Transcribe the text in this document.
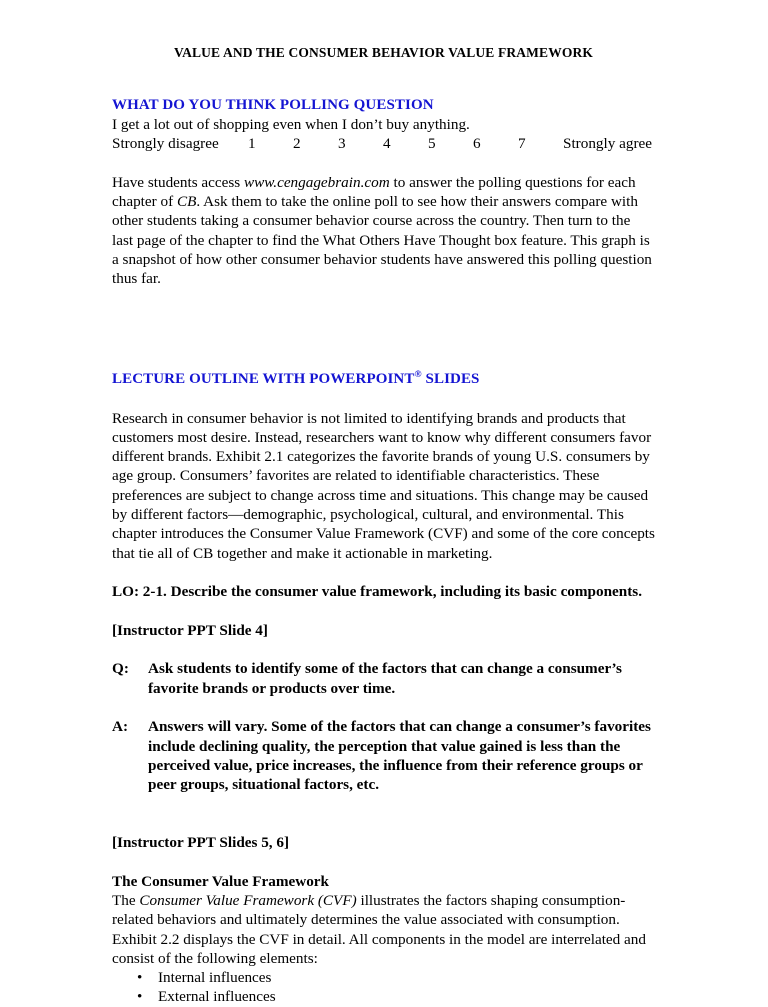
VALUE AND THE CONSUMER BEHAVIOR VALUE FRAMEWORK
WHAT DO YOU THINK POLLING QUESTION

I get a lot out of shopping even when I don’t buy anything.

Strongly disagree 1 2 3 4 5 6 7 Strongly agree

Have students access www.cengagebrain.com to answer the polling questions for each chapter of CB. Ask them to take the online poll to see how their answers compare with other students taking a consumer behavior course across the country. Then turn to the last page of the chapter to find the What Others Have Thought box feature. This graph is a snapshot of how other consumer behavior students have answered this polling question thus far.

LECTURE OUTLINE WITH POWERPOINT® SLIDES

Research in consumer behavior is not limited to identifying brands and products that customers most desire. Instead, researchers want to know why different consumers favor different brands. Exhibit 2.1 categorizes the favorite brands of young U.S. consumers by age group. Consumers’ favorites are related to identifiable characteristics. These preferences are subject to change across time and situations. This change may be caused by different factors—demographic, psychological, cultural, and environmental. This chapter introduces the Consumer Value Framework (CVF) and some of the core concepts that tie all of CB together and make it actionable in marketing.

LO: 2-1. Describe the consumer value framework, including its basic components.

[Instructor PPT Slide 4]

Q: Ask students to identify some of the factors that can change a consumer’s favorite brands or products over time.

A: Answers will vary. Some of the factors that can change a consumer’s favorites include declining quality, the perception that value gained is less than the perceived value, price increases, the influence from their reference groups or peer groups, situational factors, etc.

[Instructor PPT Slides 5, 6]

The Consumer Value Framework

The Consumer Value Framework (CVF) illustrates the factors shaping consumption-related behaviors and ultimately determines the value associated with consumption. Exhibit 2.2 displays the CVF in detail. All components in the model are interrelated and consist of the following elements:

• Internal influences
• External influences
